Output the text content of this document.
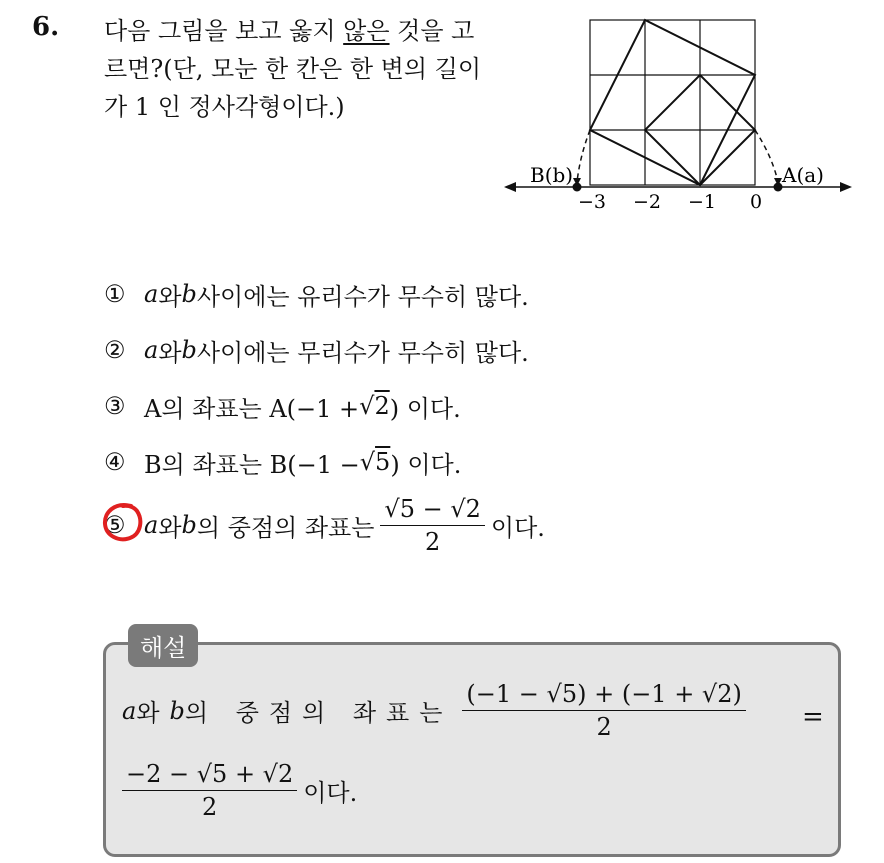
6. 다음 그림을 보고 옳지 않은 것을 고르면?(단, 모눈 한 칸은 한 변의 길이가 1 인 정사각형이다.)
B(b)	A(a)
−3 −2 −1 0
① a 와 b 사이에는 유리수가 무수히 많다.
② a 와 b 사이에는 무리수가 무수히 많다.
③ A의 좌표는 A(−1 + √2 ) 이다.
④ B의 좌표는 B(−1 − √5 ) 이다.
⑤ a 와 b 의 중점의 좌표는 $\frac{√5 - √2}{2}$ 이다.
해설
a 와 b 의 중점의 좌표는 $\frac{(-1 - √5) + (-1 + √2)}{2}$ =
$\frac{-2 - √5 + √2}{2}$ 이다.
